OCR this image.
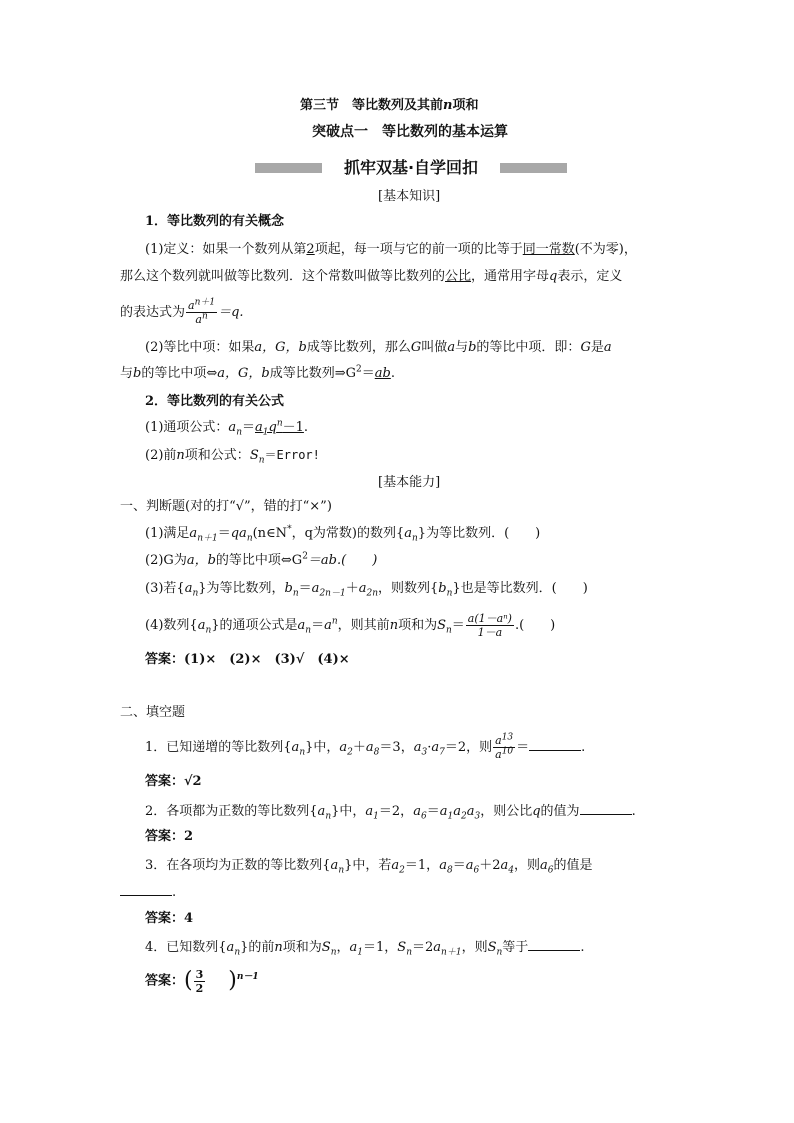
第三节　等比数列及其前n项和
突破点一　等比数列的基本运算
抓牢双基·自学回扣
[基本知识]
1．等比数列的有关概念
(1)定义：如果一个数列从第2项起，每一项与它的前一项的比等于同一常数(不为零)，
那么这个数列就叫做等比数列．这个常数叫做等比数列的公比，通常用字母q表示，定义
的表达式为 $\frac{a^{n+1}}{a^n} =q$.
(2)等比中项：如果a，G，b成等比数列，那么G叫做a与b的等比中项．即：G是a
与b的等比中项⇔a，G，b成等比数列$\Rightarrow G^2=ab$.
2．等比数列的有关公式
(1)通项公式：$a_n=a_1q^n-1$.
(2)前n项和公式：$S_n=Error$!
[基本能力]
一、判断题(对的打“√”，错的打“×”)
(1)满足$a_{n+1}=qa_n(n\in N^*$，q为常数)的数列$\{a_n\}$为等比数列．(　　)
(2)G为a，b的等比中项$\Leftrightarrow G^2=ab$.(　　)
(3)若$\{a_n\}$为等比数列，$b_n=a_{2n-1}+a_{2n}$，则数列$\{b_n\}$也是等比数列．(　　)
(4)数列$\{a_n\}$的通项公式是$a_n=a^n$，则其前n项和为$S_n= \frac{\text{a(1－aⁿ)}}{1-a}$ .(　　)
答案：(1)×　(2)×　(3)√　(4)×
二、填空题
1．已知递增的等比数列$\{a_n\}$中，$a_2+a_8=3$，$a_3\cdot a_7=2$，则 $\frac{a^{13}}{a^{10}}$ ＝	.
答案：√2
2．各项都为正数的等比数列$\{a_n\}$中，$a_1=2$，$a_6=a_1a_2a_3$，则公比q的值为	.
答案：2
3．在各项均为正数的等比数列$\{a_n\}$中，若$a_2=1$，$a_8=a_6+2a_4$，则$a_6$的值是
.
答案：4
4．已知数列$\{a_n\}$的前n项和为$S_n$，$a_1=1$，$S_n=2a_{n+1}$，则$S_n$等于	.
答案：( $\frac{3}{2} )^{n-1}$
